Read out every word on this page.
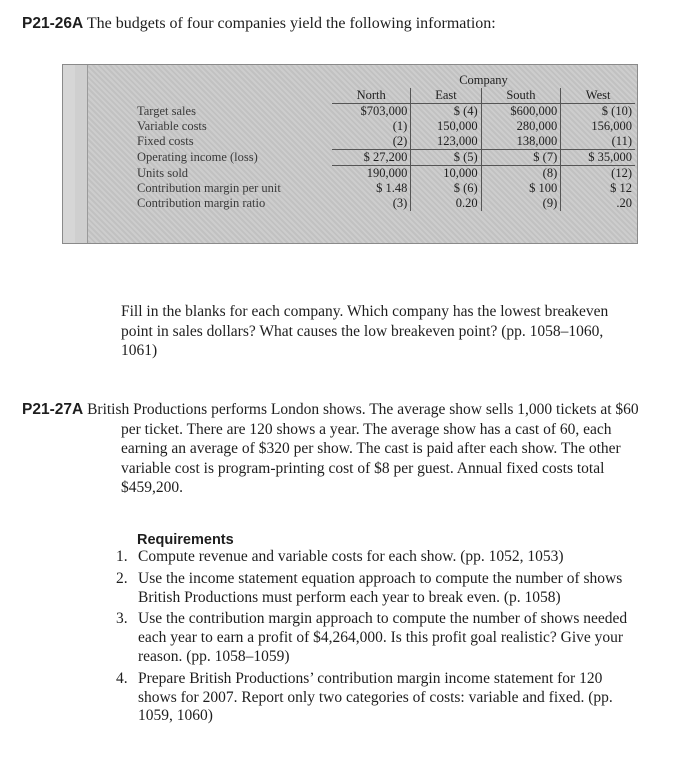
P21-26A The budgets of four companies yield the following information:
	Company			
	North	East	South	West
Target sales	$703,000	$ (4)	$600,000	$ (10)
Variable costs	(1)	150,000	280,000	156,000
Fixed costs	(2)	123,000	138,000	(11)
Operating income (loss)	$ 27,200	$ (5)	$ (7)	$ 35,000
Units sold	190,000	10,000	(8)	(12)
Contribution margin per unit	$ 1.48	$ (6)	$ 100	$ 12
Contribution margin ratio	(3)	0.20	(9)	.20
Fill in the blanks for each company. Which company has the lowest breakeven point in sales dollars? What causes the low breakeven point? (pp. 1058–1060, 1061)
P21-27A British Productions performs London shows. The average show sells 1,000 tickets at $60 per ticket. There are 120 shows a year. The average show has a cast of 60, each earning an average of $320 per show. The cast is paid after each show. The other variable cost is program-printing cost of $8 per guest. Annual fixed costs total $459,200.
Requirements
1. Compute revenue and variable costs for each show. (pp. 1052, 1053)
2. Use the income statement equation approach to compute the number of shows British Productions must perform each year to break even. (p. 1058)
3. Use the contribution margin approach to compute the number of shows needed each year to earn a profit of $4,264,000. Is this profit goal realistic? Give your reason. (pp. 1058–1059)
4. Prepare British Productions’ contribution margin income statement for 120 shows for 2007. Report only two categories of costs: variable and fixed. (pp. 1059, 1060)
